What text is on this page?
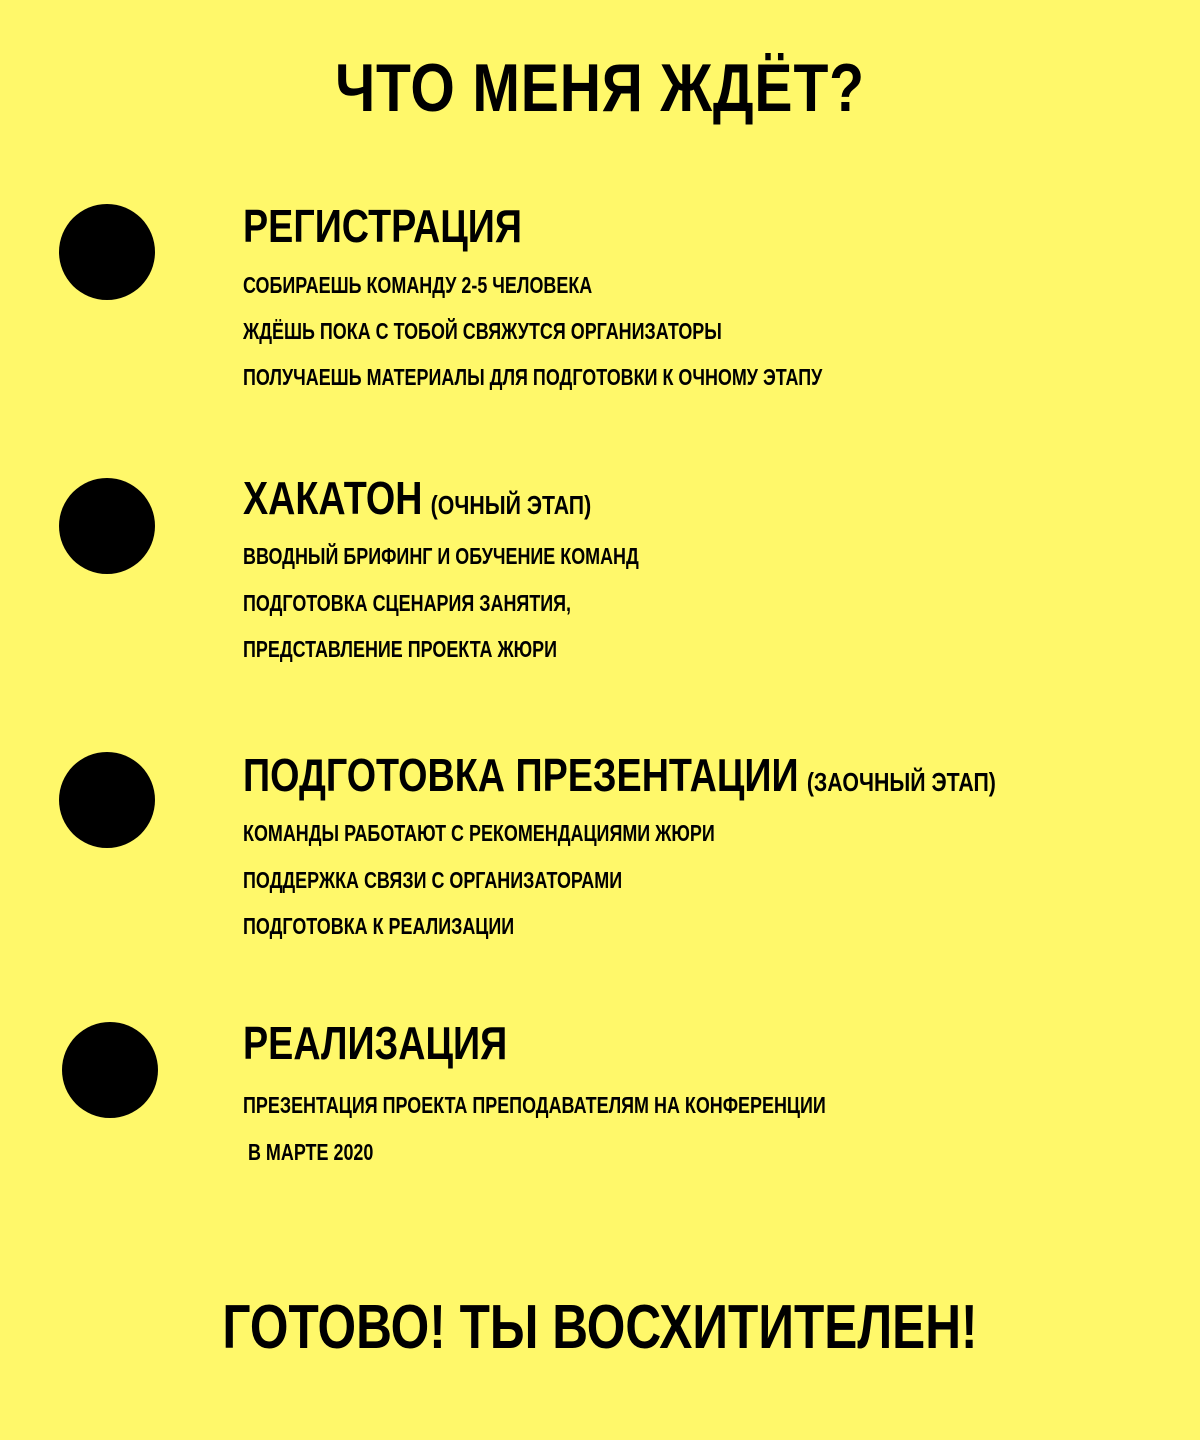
ЧТО МЕНЯ ЖДЁТ?
РЕГИСТРАЦИЯ
СОБИРАЕШЬ КОМАНДУ 2-5 ЧЕЛОВЕКА
ЖДЁШЬ ПОКА С ТОБОЙ СВЯЖУТСЯ ОРГАНИЗАТОРЫ
ПОЛУЧАЕШЬ МАТЕРИАЛЫ ДЛЯ ПОДГОТОВКИ К ОЧНОМУ ЭТАПУ
ХАКАТОН (ОЧНЫЙ ЭТАП)
ВВОДНЫЙ БРИФИНГ И ОБУЧЕНИЕ КОМАНД
ПОДГОТОВКА СЦЕНАРИЯ ЗАНЯТИЯ,
ПРЕДСТАВЛЕНИЕ ПРОЕКТА ЖЮРИ
ПОДГОТОВКА ПРЕЗЕНТАЦИИ (ЗАОЧНЫЙ ЭТАП)
КОМАНДЫ РАБОТАЮТ С РЕКОМЕНДАЦИЯМИ ЖЮРИ
ПОДДЕРЖКА СВЯЗИ С ОРГАНИЗАТОРАМИ
ПОДГОТОВКА К РЕАЛИЗАЦИИ
РЕАЛИЗАЦИЯ
ПРЕЗЕНТАЦИЯ ПРОЕКТА ПРЕПОДАВАТЕЛЯМ НА КОНФЕРЕНЦИИ
В МАРТЕ 2020
ГОТОВО! ТЫ ВОСХИТИТЕЛЕН!
